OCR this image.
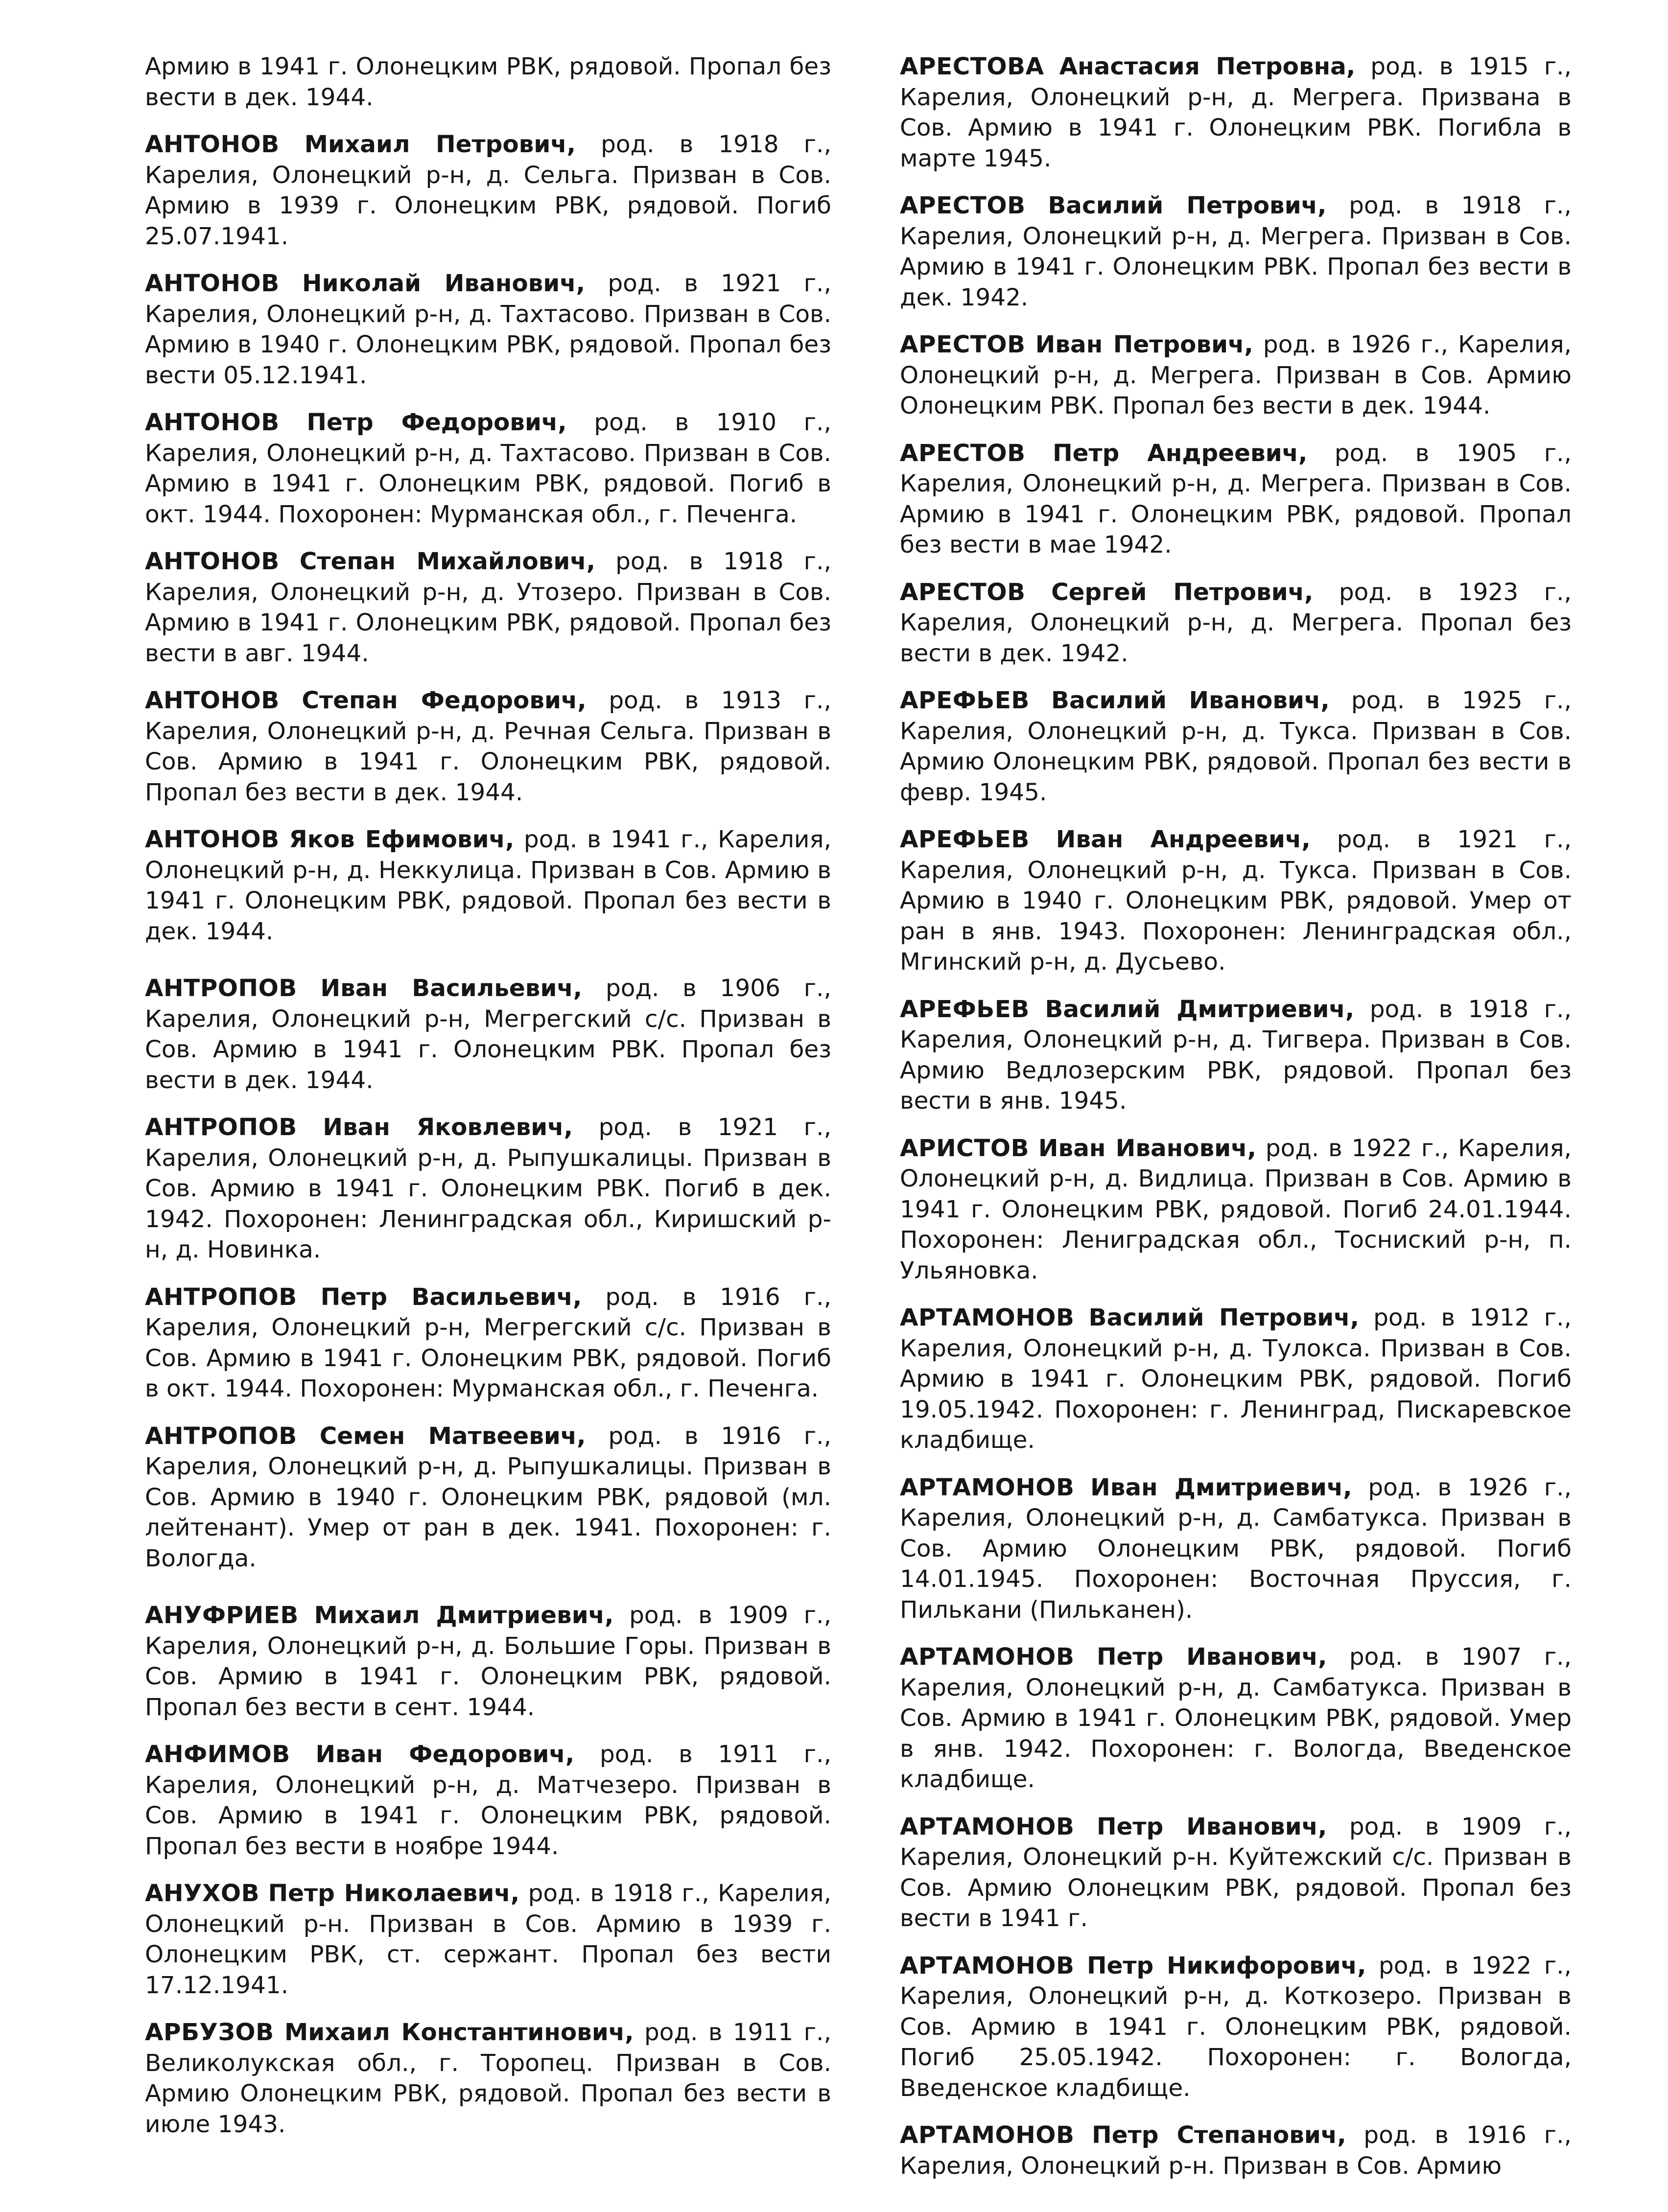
Армию в 1941 г. Олонецким РВК, рядовой. Пропал без вести в дек. 1944.

АНТОНОВ Михаил Петрович, род. в 1918 г., Карелия, Олонецкий р-н, д. Сельга. Призван в Сов. Армию в 1939 г. Олонецким РВК, рядовой. Погиб 25.07.1941.

АНТОНОВ Николай Иванович, род. в 1921 г., Карелия, Олонецкий р-н, д. Тахтасово. Призван в Сов. Армию в 1940 г. Олонецким РВК, рядовой. Пропал без вести 05.12.1941.

АНТОНОВ Петр Федорович, род. в 1910 г., Карелия, Олонецкий р-н, д. Тахтасово. Призван в Сов. Армию в 1941 г. Олонецким РВК, рядовой. Погиб в окт. 1944. Похоронен: Мурманская обл., г. Печенга.

АНТОНОВ Степан Михайлович, род. в 1918 г., Карелия, Олонецкий р-н, д. Утозеро. Призван в Сов. Армию в 1941 г. Олонецким РВК, рядовой. Пропал без вести в авг. 1944.

АНТОНОВ Степан Федорович, род. в 1913 г., Карелия, Олонецкий р-н, д. Речная Сельга. Призван в Сов. Армию в 1941 г. Олонецким РВК, рядовой. Пропал без вести в дек. 1944.

АНТОНОВ Яков Ефимович, род. в 1941 г., Карелия, Олонецкий р-н, д. Неккулица. Призван в Сов. Армию в 1941 г. Олонецким РВК, рядовой. Пропал без вести в дек. 1944.

АНТРОПОВ Иван Васильевич, род. в 1906 г., Карелия, Олонецкий р-н, Мегрегский с/с. Призван в Сов. Армию в 1941 г. Олонецким РВК. Пропал без вести в дек. 1944.

АНТРОПОВ Иван Яковлевич, род. в 1921 г., Карелия, Олонецкий р-н, д. Рыпушкалицы. Призван в Сов. Армию в 1941 г. Олонецким РВК. Погиб в дек. 1942. Похоронен: Ленинградская обл., Киришский р-н, д. Новинка.

АНТРОПОВ Петр Васильевич, род. в 1916 г., Карелия, Олонецкий р-н, Мегрегский с/с. Призван в Сов. Армию в 1941 г. Олонецким РВК, рядовой. Погиб в окт. 1944. Похоронен: Мурманская обл., г. Печенга.

АНТРОПОВ Семен Матвеевич, род. в 1916 г., Карелия, Олонецкий р-н, д. Рыпушкалицы. Призван в Сов. Армию в 1940 г. Олонецким РВК, рядовой (мл. лейтенант). Умер от ран в дек. 1941. Похоронен: г. Вологда.

АНУФРИЕВ Михаил Дмитриевич, род. в 1909 г., Карелия, Олонецкий р-н, д. Большие Горы. Призван в Сов. Армию в 1941 г. Олонецким РВК, рядовой. Пропал без вести в сент. 1944.

АНФИМОВ Иван Федорович, род. в 1911 г., Карелия, Олонецкий р-н, д. Матчезеро. Призван в Сов. Армию в 1941 г. Олонецким РВК, рядовой. Пропал без вести в ноябре 1944.

АНУХОВ Петр Николаевич, род. в 1918 г., Карелия, Олонецкий р-н. Призван в Сов. Армию в 1939 г. Олонецким РВК, ст. сержант. Пропал без вести 17.12.1941.

АРБУЗОВ Михаил Константинович, род. в 1911 г., Великолукская обл., г. Торопец. Призван в Сов. Армию Олонецким РВК, рядовой. Пропал без вести в июле 1943.

АРЕСТОВА Анастасия Петровна, род. в 1915 г., Карелия, Олонецкий р-н, д. Мегрега. Призвана в Сов. Армию в 1941 г. Олонецким РВК. Погибла в марте 1945.

АРЕСТОВ Василий Петрович, род. в 1918 г., Карелия, Олонецкий р-н, д. Мегрега. Призван в Сов. Армию в 1941 г. Олонецким РВК. Пропал без вести в дек. 1942.

АРЕСТОВ Иван Петрович, род. в 1926 г., Карелия, Олонецкий р-н, д. Мегрега. Призван в Сов. Армию Олонецким РВК. Пропал без вести в дек. 1944.

АРЕСТОВ Петр Андреевич, род. в 1905 г., Карелия, Олонецкий р-н, д. Мегрега. Призван в Сов. Армию в 1941 г. Олонецким РВК, рядовой. Пропал без вести в мае 1942.

АРЕСТОВ Сергей Петрович, род. в 1923 г., Карелия, Олонецкий р-н, д. Мегрега. Пропал без вести в дек. 1942.

АРЕФЬЕВ Василий Иванович, род. в 1925 г., Карелия, Олонецкий р-н, д. Тукса. Призван в Сов. Армию Олонецким РВК, рядовой. Пропал без вести в февр. 1945.

АРЕФЬЕВ Иван Андреевич, род. в 1921 г., Карелия, Олонецкий р-н, д. Тукса. Призван в Сов. Армию в 1940 г. Олонецким РВК, рядовой. Умер от ран в янв. 1943. Похоронен: Ленинградская обл., Мгинский р-н, д. Дусьево.

АРЕФЬЕВ Василий Дмитриевич, род. в 1918 г., Карелия, Олонецкий р-н, д. Тигвера. Призван в Сов. Армию Ведлозерским РВК, рядовой. Пропал без вести в янв. 1945.

АРИСТОВ Иван Иванович, род. в 1922 г., Карелия, Олонецкий р-н, д. Видлица. Призван в Сов. Армию в 1941 г. Олонецким РВК, рядовой. Погиб 24.01.1944. Похоронен: Лениградская обл., Тосниский р-н, п. Ульяновка.

АРТАМОНОВ Василий Петрович, род. в 1912 г., Карелия, Олонецкий р-н, д. Тулокса. Призван в Сов. Армию в 1941 г. Олонецким РВК, рядовой. Погиб 19.05.1942. Похоронен: г. Ленинград, Пискаревское кладбище.

АРТАМОНОВ Иван Дмитриевич, род. в 1926 г., Карелия, Олонецкий р-н, д. Самбатукса. Призван в Сов. Армию Олонецким РВК, рядовой. Погиб 14.01.1945. Похоронен: Восточная Пруссия, г. Пилькани (Пильканен).

АРТАМОНОВ Петр Иванович, род. в 1907 г., Карелия, Олонецкий р-н, д. Самбатукса. Призван в Сов. Армию в 1941 г. Олонецким РВК, рядовой. Умер в янв. 1942. Похоронен: г. Вологда, Введенское кладбище.

АРТАМОНОВ Петр Иванович, род. в 1909 г., Карелия, Олонецкий р-н. Куйтежский с/с. Призван в Сов. Армию Олонецким РВК, рядовой. Пропал без вести в 1941 г.

АРТАМОНОВ Петр Никифорович, род. в 1922 г., Карелия, Олонецкий р-н, д. Коткозеро. Призван в Сов. Армию в 1941 г. Олонецким РВК, рядовой. Погиб 25.05.1942. Похоронен: г. Вологда, Введенское кладбище.

АРТАМОНОВ Петр Степанович, род. в 1916 г., Карелия, Олонецкий р-н. Призван в Сов. Армию
